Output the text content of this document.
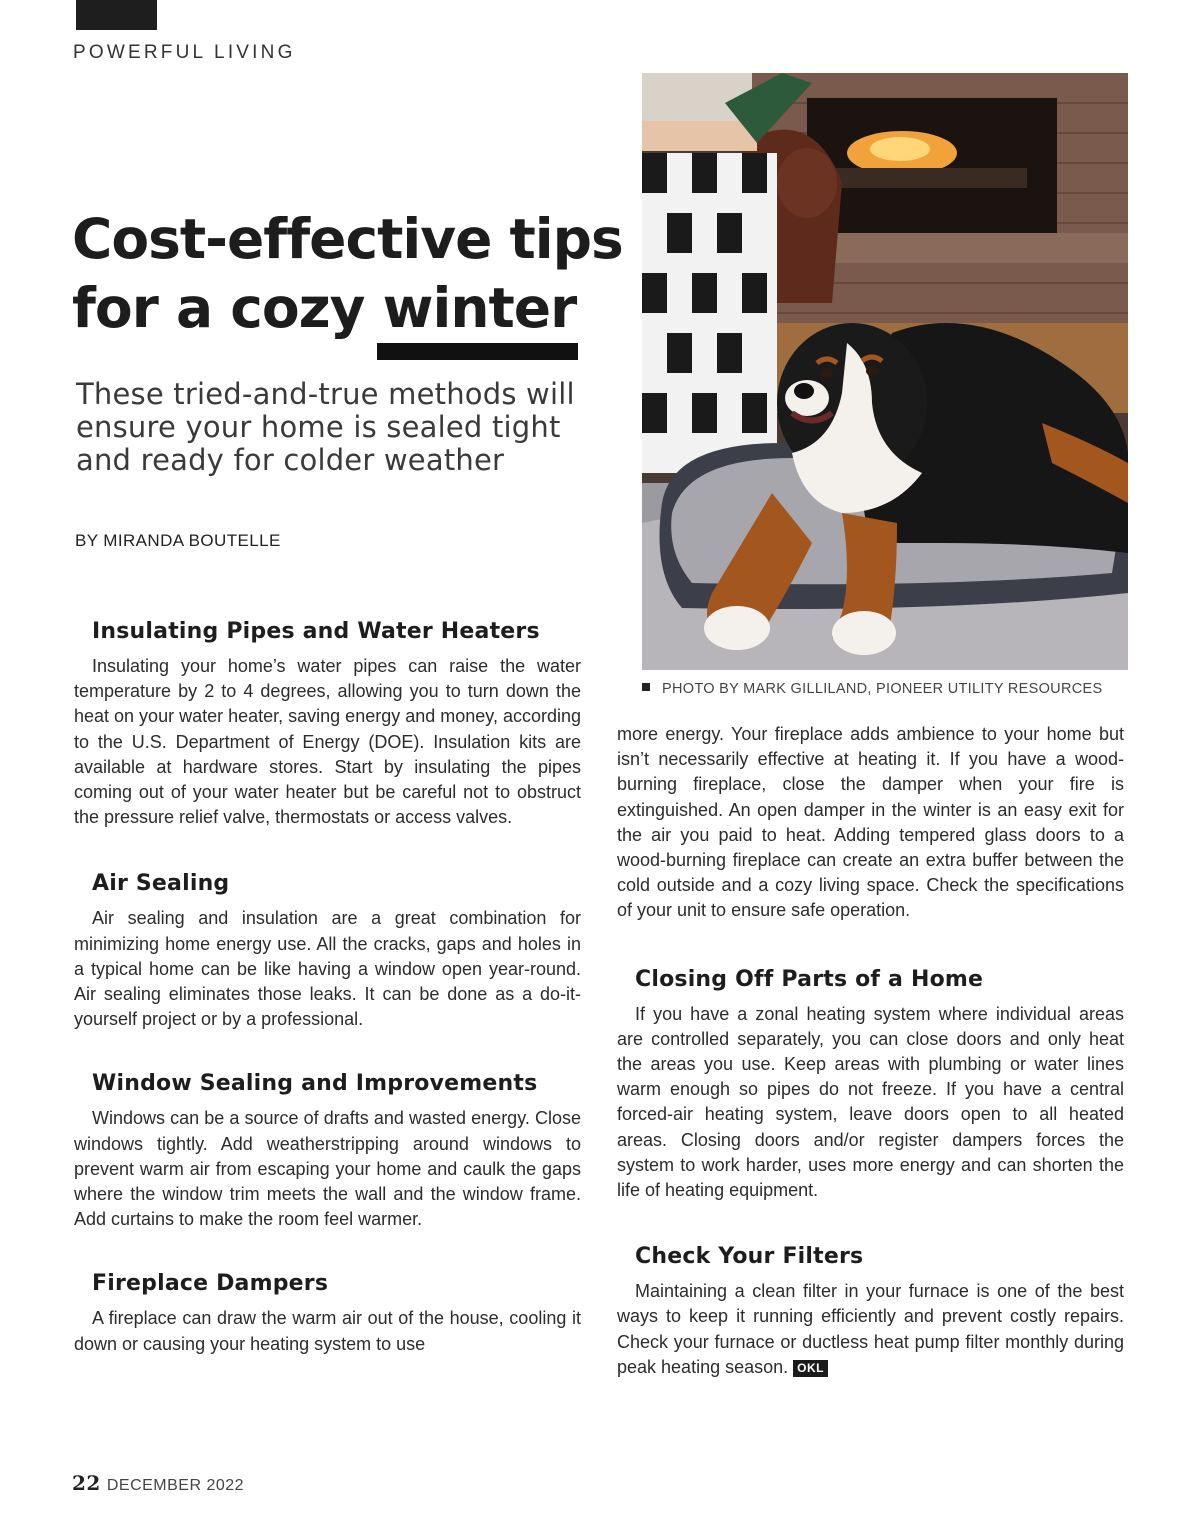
POWERFUL LIVING
Cost-effective tips
for a cozy winter
These tried-and-true methods will ensure your home is sealed tight and ready for colder weather
BY MIRANDA BOUTELLE
Insulating Pipes and Water Heaters

Insulating your home’s water pipes can raise the water temperature by 2 to 4 degrees, allowing you to turn down the heat on your water heater, saving energy and money, according to the U.S. Department of Energy (DOE). Insulation kits are available at hardware stores. Start by insulating the pipes coming out of your water heater but be careful not to obstruct the pressure relief valve, thermostats or access valves.

Air Sealing

Air sealing and insulation are a great combination for minimizing home energy use. All the cracks, gaps and holes in a typical home can be like having a window open year-round. Air sealing eliminates those leaks. It can be done as a do-it-yourself project or by a professional.

Window Sealing and Improvements

Windows can be a source of drafts and wasted energy. Close windows tightly. Add weatherstripping around windows to prevent warm air from escaping your home and caulk the gaps where the window trim meets the wall and the window frame. Add curtains to make the room feel warmer.

Fireplace Dampers

A fireplace can draw the warm air out of the house, cooling it down or causing your heating system to use

PHOTO BY MARK GILLILAND, PIONEER UTILITY RESOURCES

more energy. Your fireplace adds ambience to your home but isn’t necessarily effective at heating it. If you have a wood-burning fireplace, close the damper when your fire is extinguished. An open damper in the winter is an easy exit for the air you paid to heat. Adding tempered glass doors to a wood-burning fireplace can create an extra buffer between the cold outside and a cozy living space. Check the specifications of your unit to ensure safe operation.

Closing Off Parts of a Home

If you have a zonal heating system where individual areas are controlled separately, you can close doors and only heat the areas you use. Keep areas with plumbing or water lines warm enough so pipes do not freeze. If you have a central forced-air heating system, leave doors open to all heated areas. Closing doors and/or register dampers forces the system to work harder, uses more energy and can shorten the life of heating equipment.

Check Your Filters

Maintaining a clean filter in your furnace is one of the best ways to keep it running efficiently and prevent costly repairs. Check your furnace or ductless heat pump filter monthly during peak heating season. OKL

22 DECEMBER 2022
